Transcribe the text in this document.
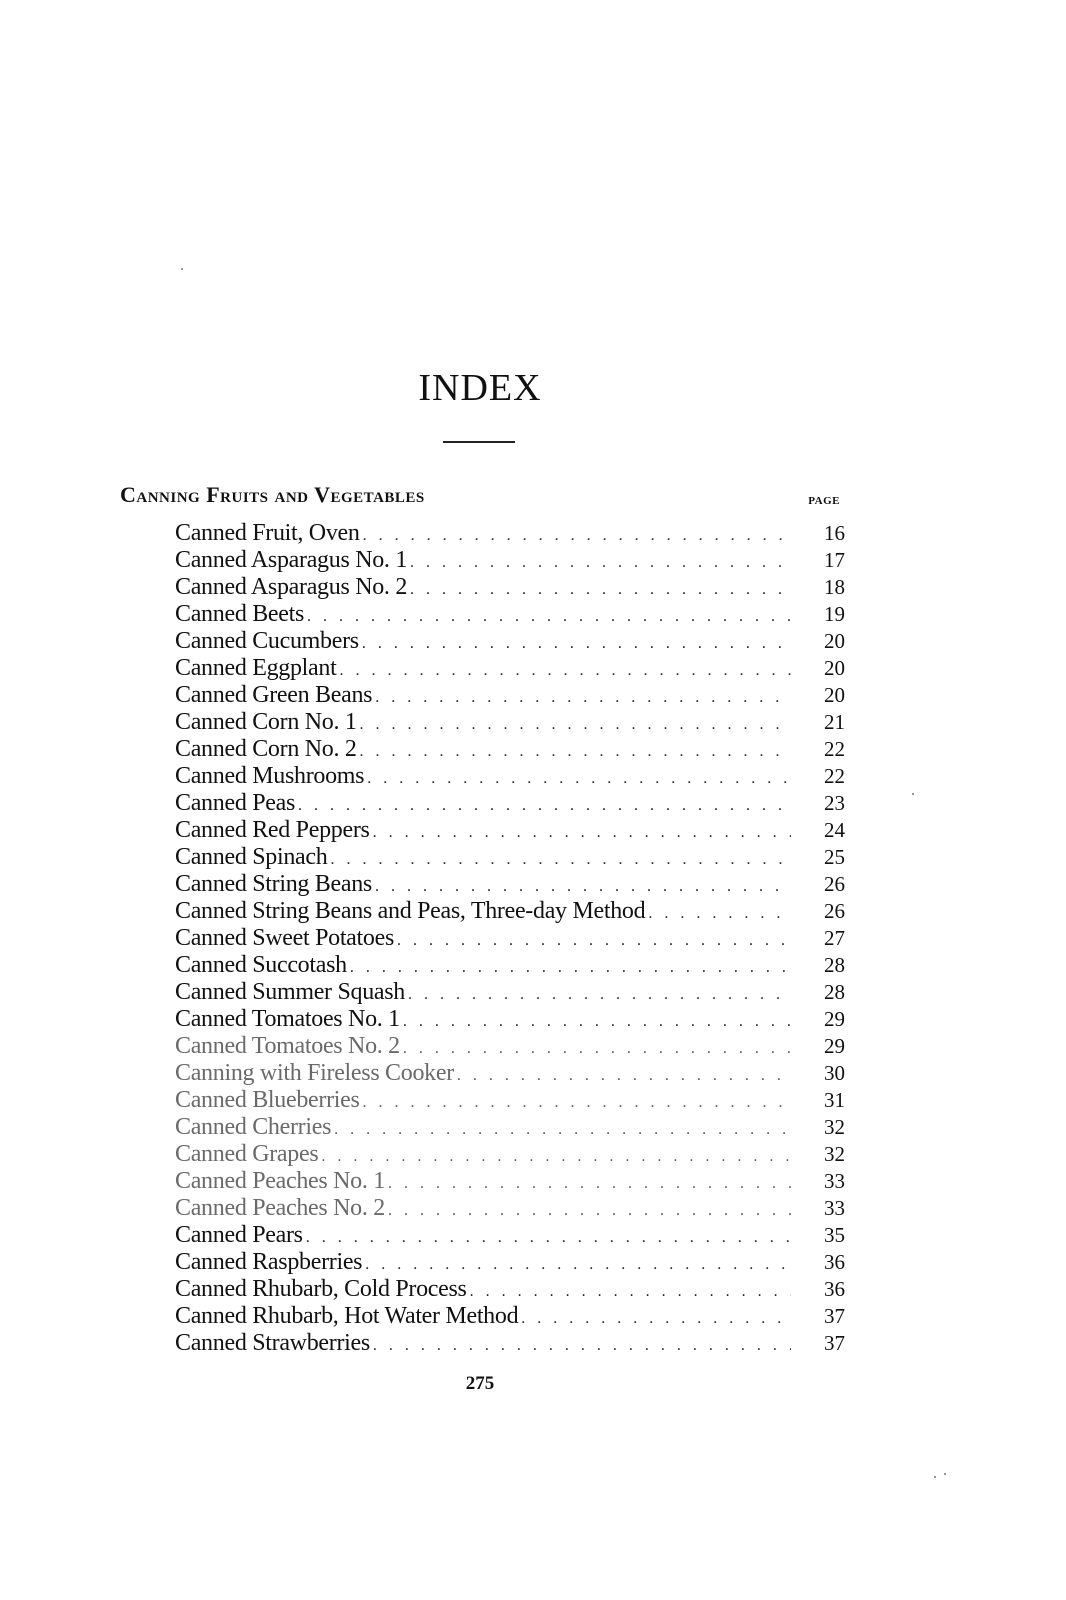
INDEX
Canning Fruits and Vegetables	PAGE
Canned Fruit, Oven . . .	16
Canned Asparagus No. 1 . . .	17
Canned Asparagus No. 2 . . .	18
Canned Beets . . .	19
Canned Cucumbers . . .	20
Canned Eggplant . . .	20
Canned Green Beans . . .	20
Canned Corn No. 1 . . .	21
Canned Corn No. 2 . . .	22
Canned Mushrooms . . .	22
Canned Peas . . .	23
Canned Red Peppers . . .	24
Canned Spinach . . .	25
Canned String Beans . . .	26
Canned String Beans and Peas, Three-day Method . . .	26
Canned Sweet Potatoes . . .	27
Canned Succotash . . .	28
Canned Summer Squash . . .	28
Canned Tomatoes No. 1 . . .	29
Canned Tomatoes No. 2 . . .	29
Canning with Fireless Cooker . . .	30
Canned Blueberries . . .	31
Canned Cherries . . .	32
Canned Grapes . . .	32
Canned Peaches No. 1 . . .	33
Canned Peaches No. 2 . . .	33
Canned Pears . . .	35
Canned Raspberries . . .	36
Canned Rhubarb, Cold Process . . .	36
Canned Rhubarb, Hot Water Method . . .	37
Canned Strawberries . . .	37
275
